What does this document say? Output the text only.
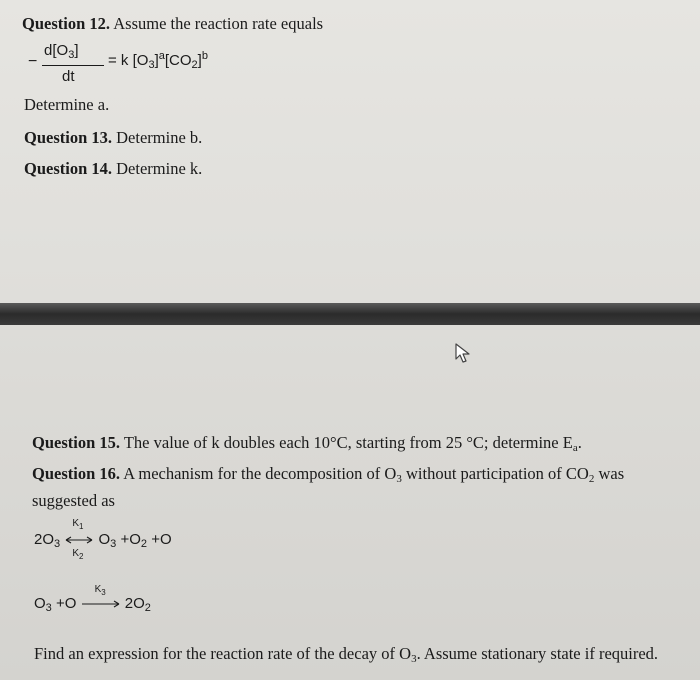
Question 12. Assume the reaction rate equals
−
$d[O_3]$
dt
= k $[O_3]^a[CO_2]^b$
Determine a.
Question 13. Determine b.
Question 14. Determine k.
Question 15. The value of k doubles each 10°C, starting from 25 °C; determine $E_a$.
Question 16. A mechanism for the decomposition of $O_3$ without participation of $CO_2$ was
suggested as
$2O_3$
$K_1$
$K_2$
$O_3 +O_2 +O$
$O_3 +O$
$K_3$
$2O_2$
Find an expression for the reaction rate of the decay of $O_3$. Assume stationary state if required.
